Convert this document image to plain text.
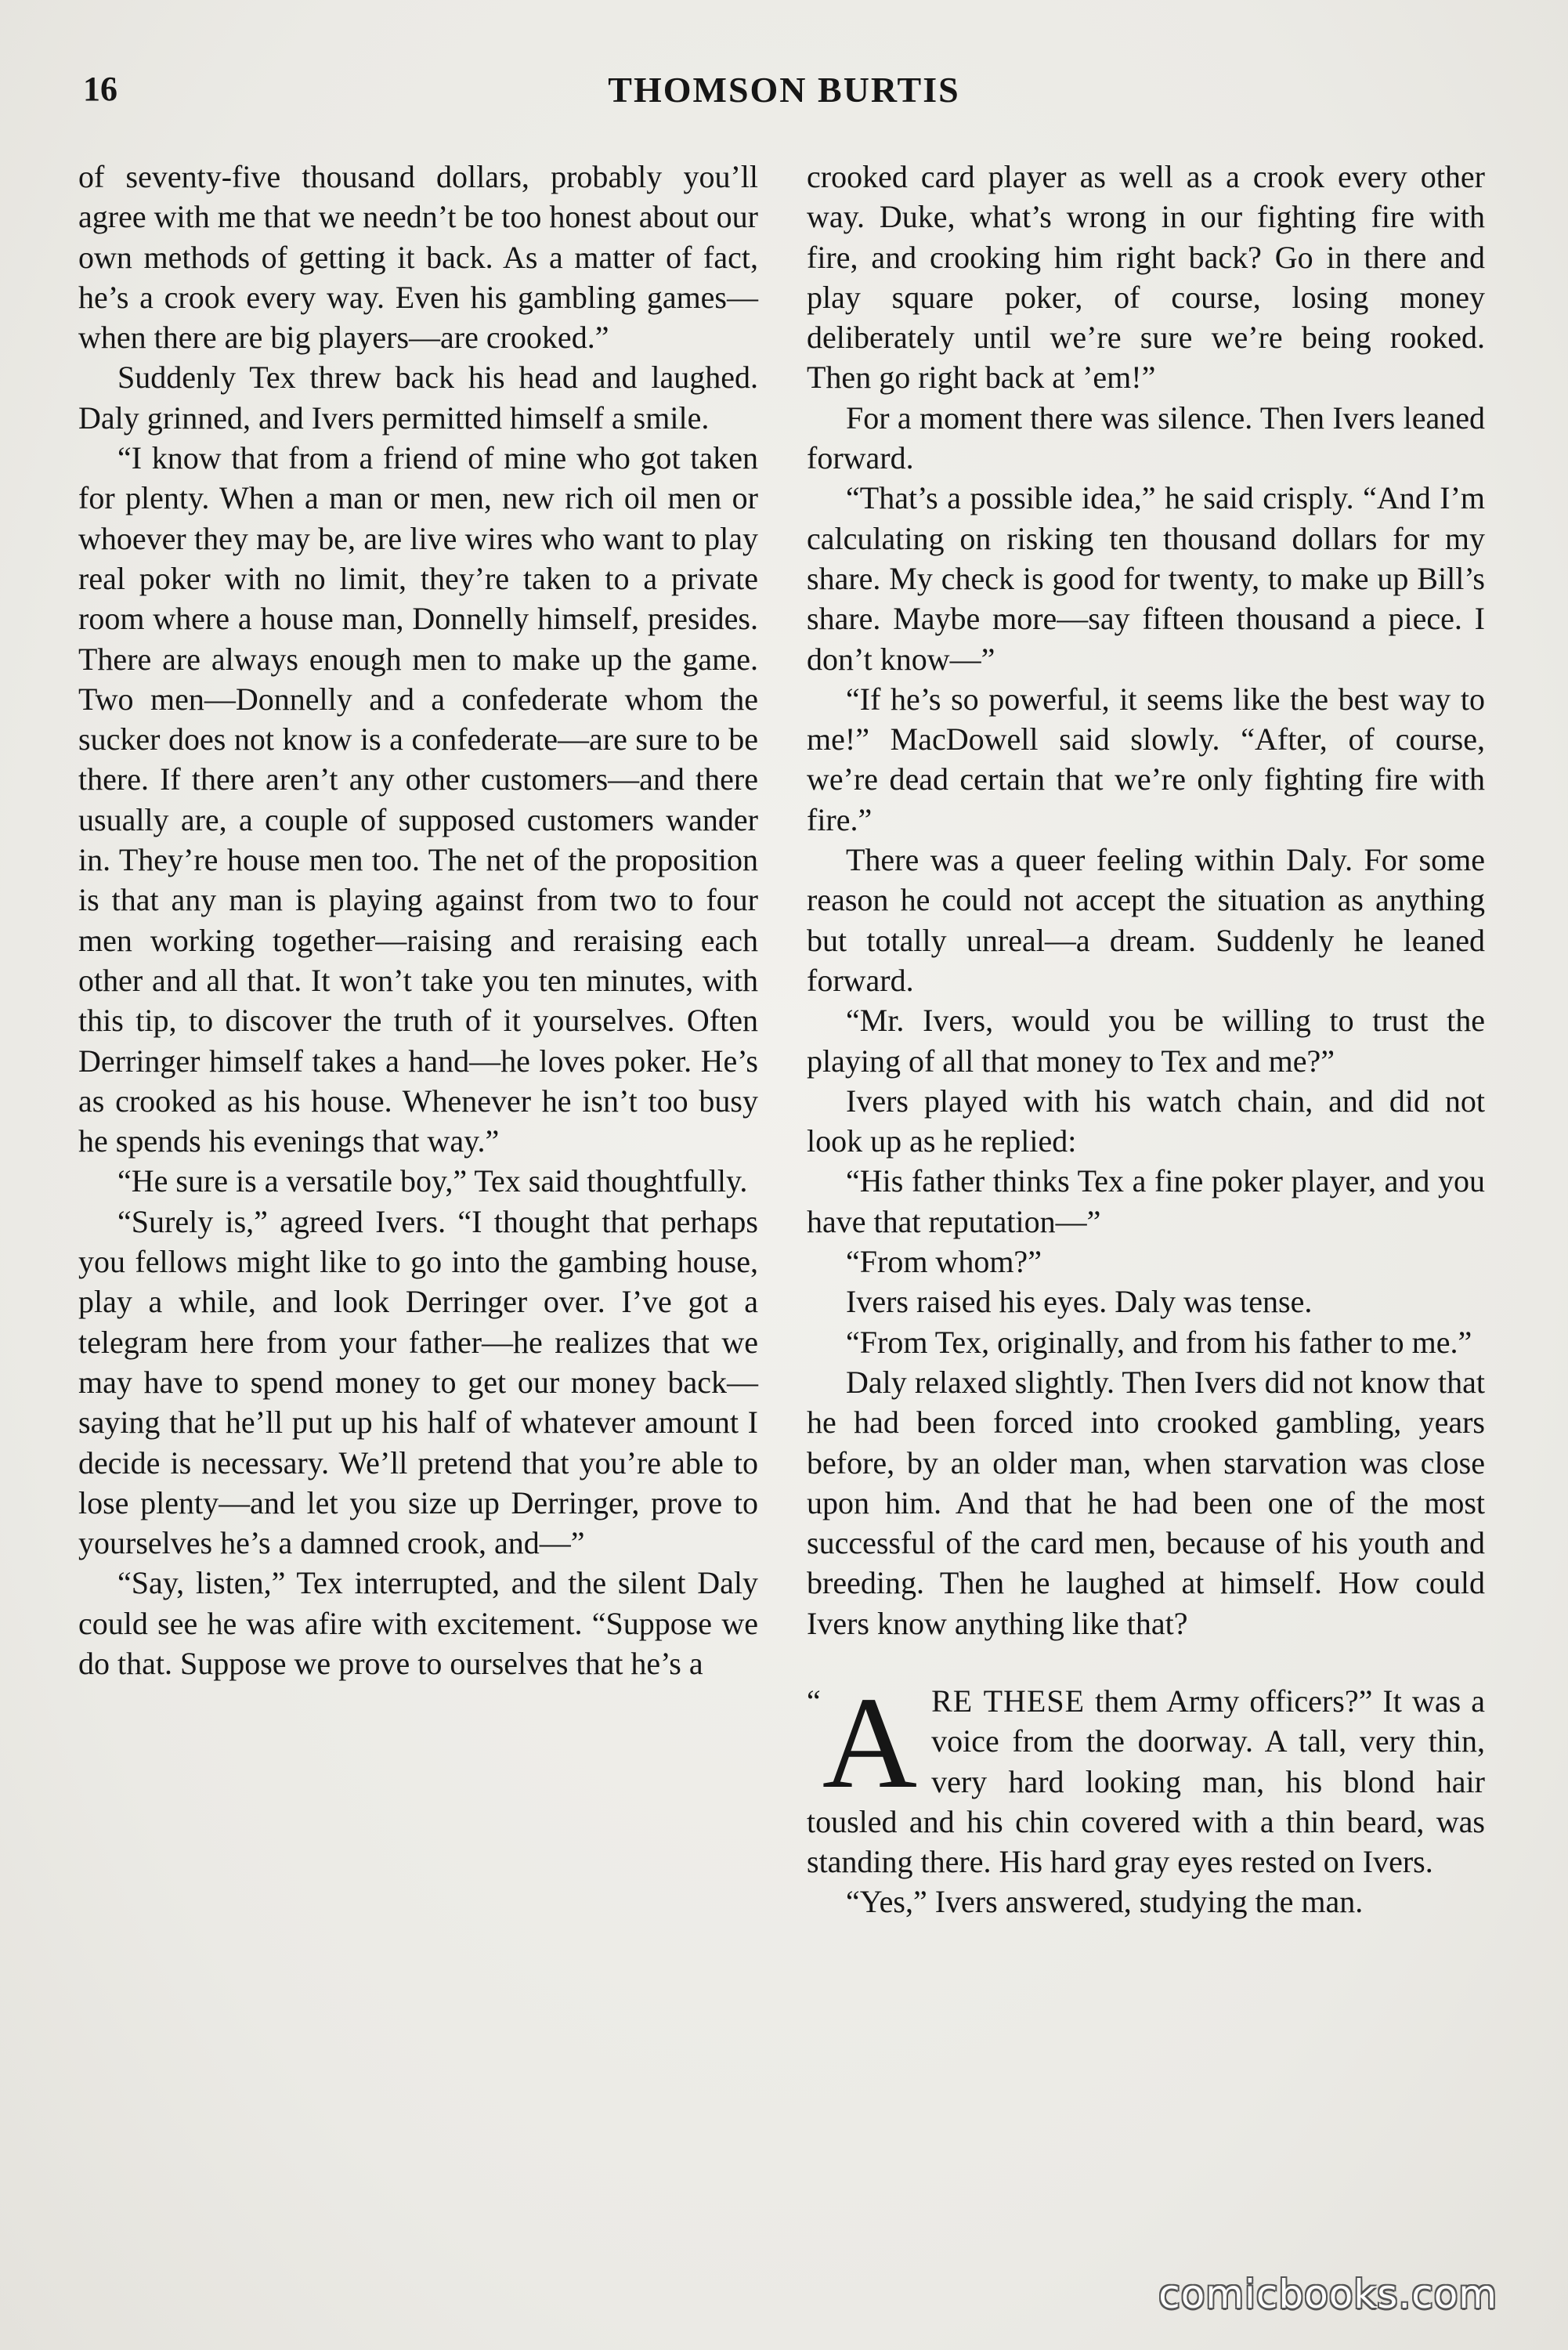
16	THOMSON BURTIS

of seventy-five thousand dollars, probably you’ll agree with me that we needn’t be too honest about our own methods of getting it back. As a matter of fact, he’s a crook every way. Even his gambling games—when there are big players—are crooked.”

Suddenly Tex threw back his head and laughed. Daly grinned, and Ivers permitted himself a smile.

“I know that from a friend of mine who got taken for plenty. When a man or men, new rich oil men or whoever they may be, are live wires who want to play real poker with no limit, they’re taken to a private room where a house man, Donnelly himself, presides. There are always enough men to make up the game. Two men—Donnelly and a confederate whom the sucker does not know is a confederate—are sure to be there. If there aren’t any other customers—and there usually are, a couple of supposed customers wander in. They’re house men too. The net of the proposition is that any man is playing against from two to four men working together—raising and reraising each other and all that. It won’t take you ten minutes, with this tip, to discover the truth of it yourselves. Often Derringer himself takes a hand—he loves poker. He’s as crooked as his house. Whenever he isn’t too busy he spends his evenings that way.”

“He sure is a versatile boy,” Tex said thoughtfully.

“Surely is,” agreed Ivers. “I thought that perhaps you fellows might like to go into the gambing house, play a while, and look Derringer over. I’ve got a telegram here from your father—he realizes that we may have to spend money to get our money back—saying that he’ll put up his half of whatever amount I decide is necessary. We’ll pretend that you’re able to lose plenty—and let you size up Derringer, prove to yourselves he’s a damned crook, and—”

“Say, listen,” Tex interrupted, and the silent Daly could see he was afire with excitement. “Suppose we do that. Suppose we prove to ourselves that he’s a

crooked card player as well as a crook every other way. Duke, what’s wrong in our fighting fire with fire, and crooking him right back? Go in there and play square poker, of course, losing money deliberately until we’re sure we’re being rooked. Then go right back at ’em!”

For a moment there was silence. Then Ivers leaned forward.

“That’s a possible idea,” he said crisply. “And I’m calculating on risking ten thousand dollars for my share. My check is good for twenty, to make up Bill’s share. Maybe more—say fifteen thousand a piece. I don’t know—”

“If he’s so powerful, it seems like the best way to me!” MacDowell said slowly. “After, of course, we’re dead certain that we’re only fighting fire with fire.”

There was a queer feeling within Daly. For some reason he could not accept the situation as anything but totally unreal—a dream. Suddenly he leaned forward.

“Mr. Ivers, would you be willing to trust the playing of all that money to Tex and me?”

Ivers played with his watch chain, and did not look up as he replied:

“His father thinks Tex a fine poker player, and you have that reputation—”

“From whom?”

Ivers raised his eyes. Daly was tense.

“From Tex, originally, and from his father to me.”

Daly relaxed slightly. Then Ivers did not know that he had been forced into crooked gambling, years before, by an older man, when starvation was close upon him. And that he had been one of the most successful of the card men, because of his youth and breeding. Then he laughed at himself. How could Ivers know anything like that?

“ A RE THESE them Army officers?” It was a voice from the doorway. A tall, very thin, very hard looking man, his blond hair tousled and his chin covered with a thin beard, was standing there. His hard gray eyes rested on Ivers.

“Yes,” Ivers answered, studying the man.

comicbooks.com
